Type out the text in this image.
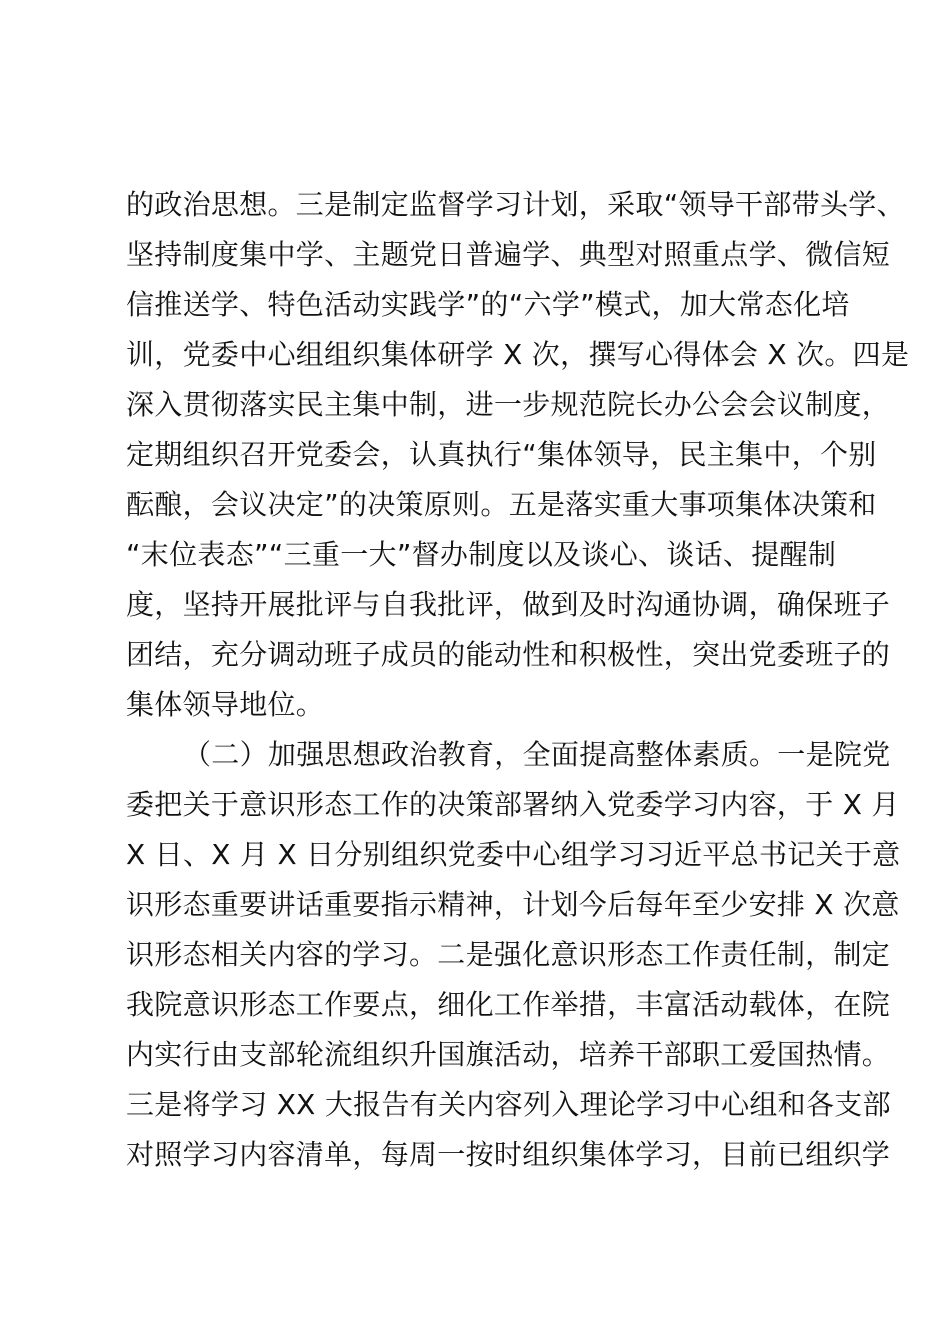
的政治思想。三是制定监督学习计划，采取“领导干部带头学、
坚持制度集中学、主题党日普遍学、典型对照重点学、微信短
信推送学、特色活动实践学”的“六学”模式，加大常态化培
训，党委中心组组织集体研学 X 次，撰写心得体会 X 次。四是
深入贯彻落实民主集中制，进一步规范院长办公会会议制度，
定期组织召开党委会，认真执行“集体领导，民主集中，个别
酝酿，会议决定”的决策原则。五是落实重大事项集体决策和
“末位表态”“三重一大”督办制度以及谈心、谈话、提醒制
度，坚持开展批评与自我批评，做到及时沟通协调，确保班子
团结，充分调动班子成员的能动性和积极性，突出党委班子的
集体领导地位。
（二）加强思想政治教育，全面提高整体素质。一是院党
委把关于意识形态工作的决策部署纳入党委学习内容，于 X 月
X 日、X 月 X 日分别组织党委中心组学习习近平总书记关于意
识形态重要讲话重要指示精神，计划今后每年至少安排 X 次意
识形态相关内容的学习。二是强化意识形态工作责任制，制定
我院意识形态工作要点，细化工作举措，丰富活动载体，在院
内实行由支部轮流组织升国旗活动，培养干部职工爱国热情。
三是将学习 XX 大报告有关内容列入理论学习中心组和各支部
对照学习内容清单，每周一按时组织集体学习，目前已组织学
